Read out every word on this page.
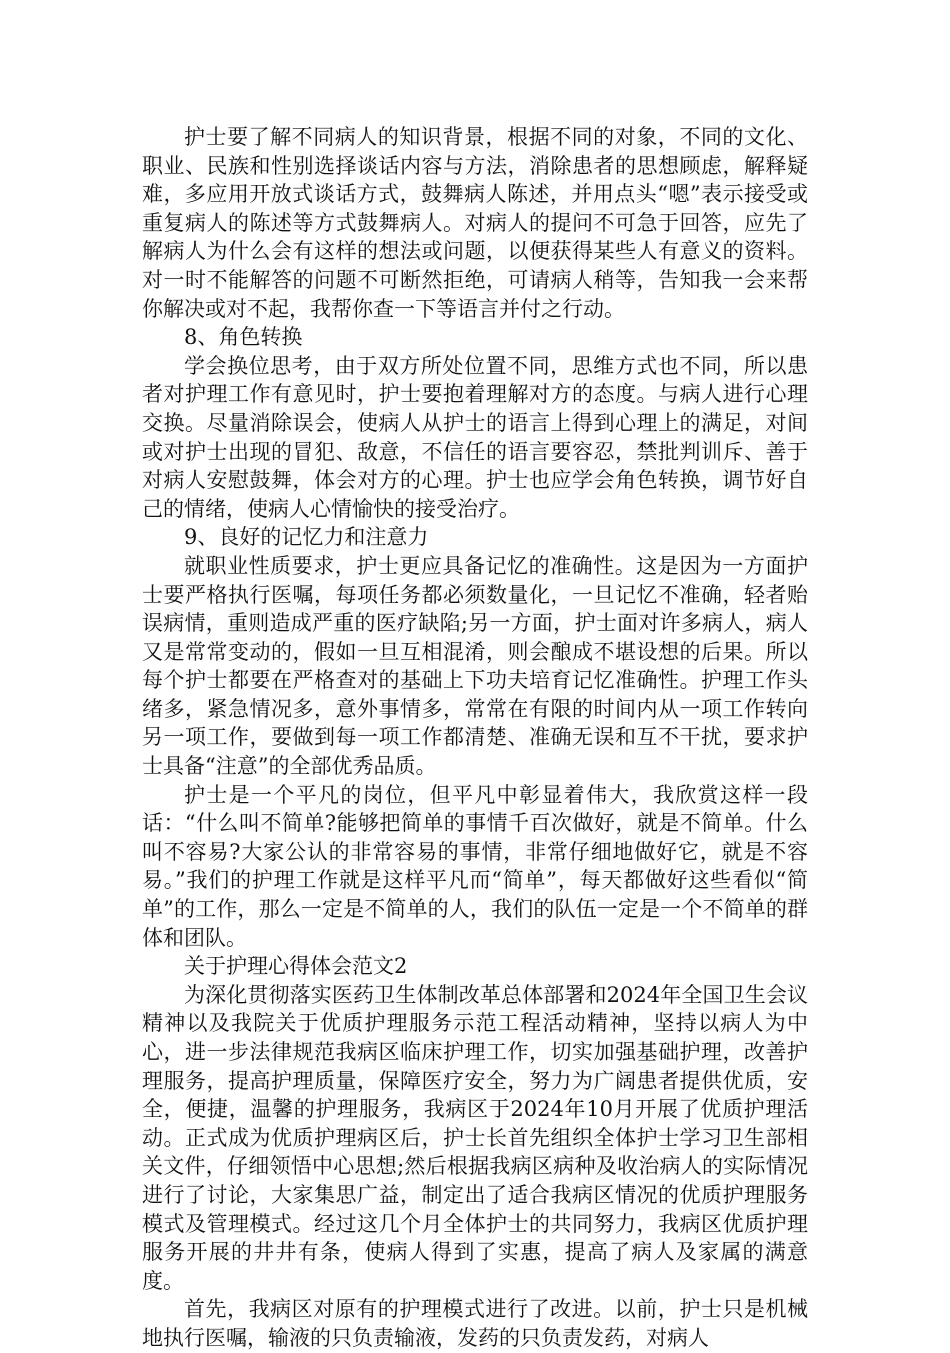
护士要了解不同病人的知识背景，根据不同的对象，不同的文化、职业、民族和性别选择谈话内容与方法，消除患者的思想顾虑，解释疑难，多应用开放式谈话方式，鼓舞病人陈述，并用点头“嗯”表示接受或重复病人的陈述等方式鼓舞病人。对病人的提问不可急于回答，应先了解病人为什么会有这样的想法或问题，以便获得某些人有意义的资料。对一时不能解答的问题不可断然拒绝，可请病人稍等，告知我一会来帮你解决或对不起，我帮你查一下等语言并付之行动。

8、角色转换

学会换位思考，由于双方所处位置不同，思维方式也不同，所以患者对护理工作有意见时，护士要抱着理解对方的态度。与病人进行心理交换。尽量消除误会，使病人从护士的语言上得到心理上的满足，对间或对护士出现的冒犯、敌意，不信任的语言要容忍，禁批判训斥、善于对病人安慰鼓舞，体会对方的心理。护士也应学会角色转换，调节好自己的情绪，使病人心情愉快的接受治疗。

9、良好的记忆力和注意力

就职业性质要求，护士更应具备记忆的准确性。这是因为一方面护士要严格执行医嘱，每项任务都必须数量化，一旦记忆不准确，轻者贻误病情，重则造成严重的医疗缺陷;另一方面，护士面对许多病人，病人又是常常变动的，假如一旦互相混淆，则会酿成不堪设想的后果。所以每个护士都要在严格查对的基础上下功夫培育记忆准确性。护理工作头绪多，紧急情况多，意外事情多，常常在有限的时间内从一项工作转向另一项工作，要做到每一项工作都清楚、准确无误和互不干扰，要求护士具备“注意”的全部优秀品质。

护士是一个平凡的岗位，但平凡中彰显着伟大，我欣赏这样一段话：“什么叫不简单?能够把简单的事情千百次做好，就是不简单。什么叫不容易?大家公认的非常容易的事情，非常仔细地做好它，就是不容易。”我们的护理工作就是这样平凡而“简单”，每天都做好这些看似“简单”的工作，那么一定是不简单的人，我们的队伍一定是一个不简单的群体和团队。

关于护理心得体会范文2

为深化贯彻落实医药卫生体制改革总体部署和2024年全国卫生会议精神以及我院关于优质护理服务示范工程活动精神，坚持以病人为中心，进一步法律规范我病区临床护理工作，切实加强基础护理，改善护理服务，提高护理质量，保障医疗安全，努力为广阔患者提供优质，安全，便捷，温馨的护理服务，我病区于2024年10月开展了优质护理活动。正式成为优质护理病区后，护士长首先组织全体护士学习卫生部相关文件，仔细领悟中心思想;然后根据我病区病种及收治病人的实际情况进行了讨论，大家集思广益，制定出了适合我病区情况的优质护理服务模式及管理模式。经过这几个月全体护士的共同努力，我病区优质护理服务开展的井井有条，使病人得到了实惠，提高了病人及家属的满意度。

首先，我病区对原有的护理模式进行了改进。以前，护士只是机械地执行医嘱，输液的只负责输液，发药的只负责发药，对病人
